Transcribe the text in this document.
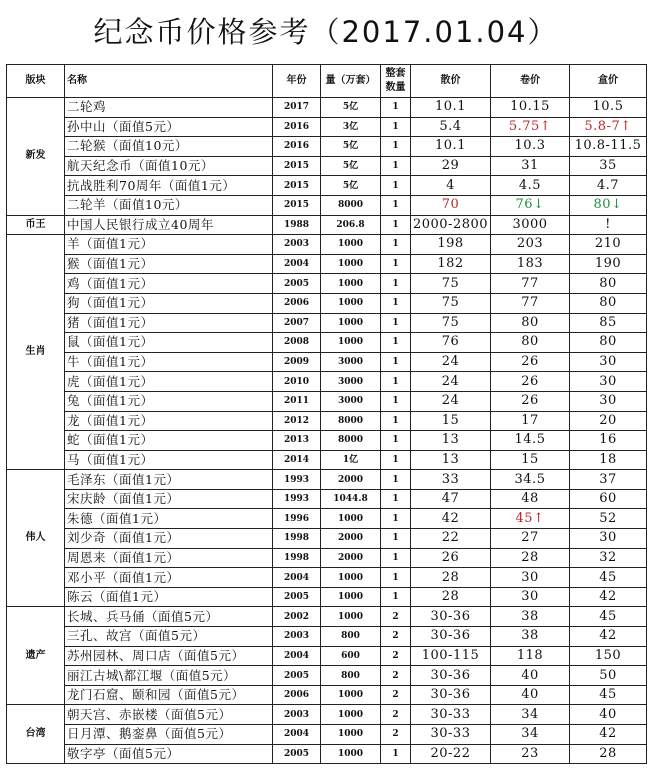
纪念币价格参考（2017.01.04）
版块	名称	年份	量（万套）	整套数量	散价	卷价	盒价
新发	二轮鸡	2017	5亿	1	10.1	10.15	10.5
	孙中山（面值5元）	2016	3亿	1	5.4	5.75↑	5.8-7↑
	二轮猴（面值10元）	2016	5亿	1	10.1	10.3	10.8-11.5
	航天纪念币（面值10元）	2015	5亿	1	29	31	35
	抗战胜利70周年（面值1元）	2015	5亿	1	4	4.5	4.7
	二轮羊（面值10元）	2015	8000	1	70	76↓	80↓
币王	中国人民银行成立40周年	1988	206.8	1	2000-2800	3000	!
生肖	羊（面值1元）	2003	1000	1	198	203	210
	猴（面值1元）	2004	1000	1	182	183	190
	鸡（面值1元）	2005	1000	1	75	77	80
	狗（面值1元）	2006	1000	1	75	77	80
	猪（面值1元）	2007	1000	1	75	80	85
	鼠（面值1元）	2008	1000	1	76	80	80
	牛（面值1元）	2009	3000	1	24	26	30
	虎（面值1元）	2010	3000	1	24	26	30
	兔（面值1元）	2011	3000	1	24	26	30
	龙（面值1元）	2012	8000	1	15	17	20
	蛇（面值1元）	2013	8000	1	13	14.5	16
	马（面值1元）	2014	1亿	1	13	15	18
伟人	毛泽东（面值1元）	1993	2000	1	33	34.5	37
	宋庆龄（面值1元）	1993	1044.8	1	47	48	60
	朱德（面值1元）	1996	1000	1	42	45↑	52
	刘少奇（面值1元）	1998	2000	1	22	27	30
	周恩来（面值1元）	1998	2000	1	26	28	32
	邓小平（面值1元）	2004	1000	1	28	30	45
	陈云（面值1元）	2005	1000	1	28	30	42
遗产	长城、兵马俑（面值5元）	2002	1000	2	30-36	38	45
	三孔、故宫（面值5元）	2003	800	2	30-36	38	42
	苏州园林、周口店（面值5元）	2004	600	2	100-115	118	150
	丽江古城\都江堰（面值5元）	2005	800	2	30-36	40	50
	龙门石窟、颐和园（面值5元）	2006	1000	2	30-36	40	45
台湾	朝天宫、赤嵌楼（面值5元）	2003	1000	2	30-33	34	40
	日月潭、鹅銮鼻（面值5元）	2004	1000	2	30-33	34	42
	敬字亭（面值5元）	2005	1000	1	20-22	23	28
